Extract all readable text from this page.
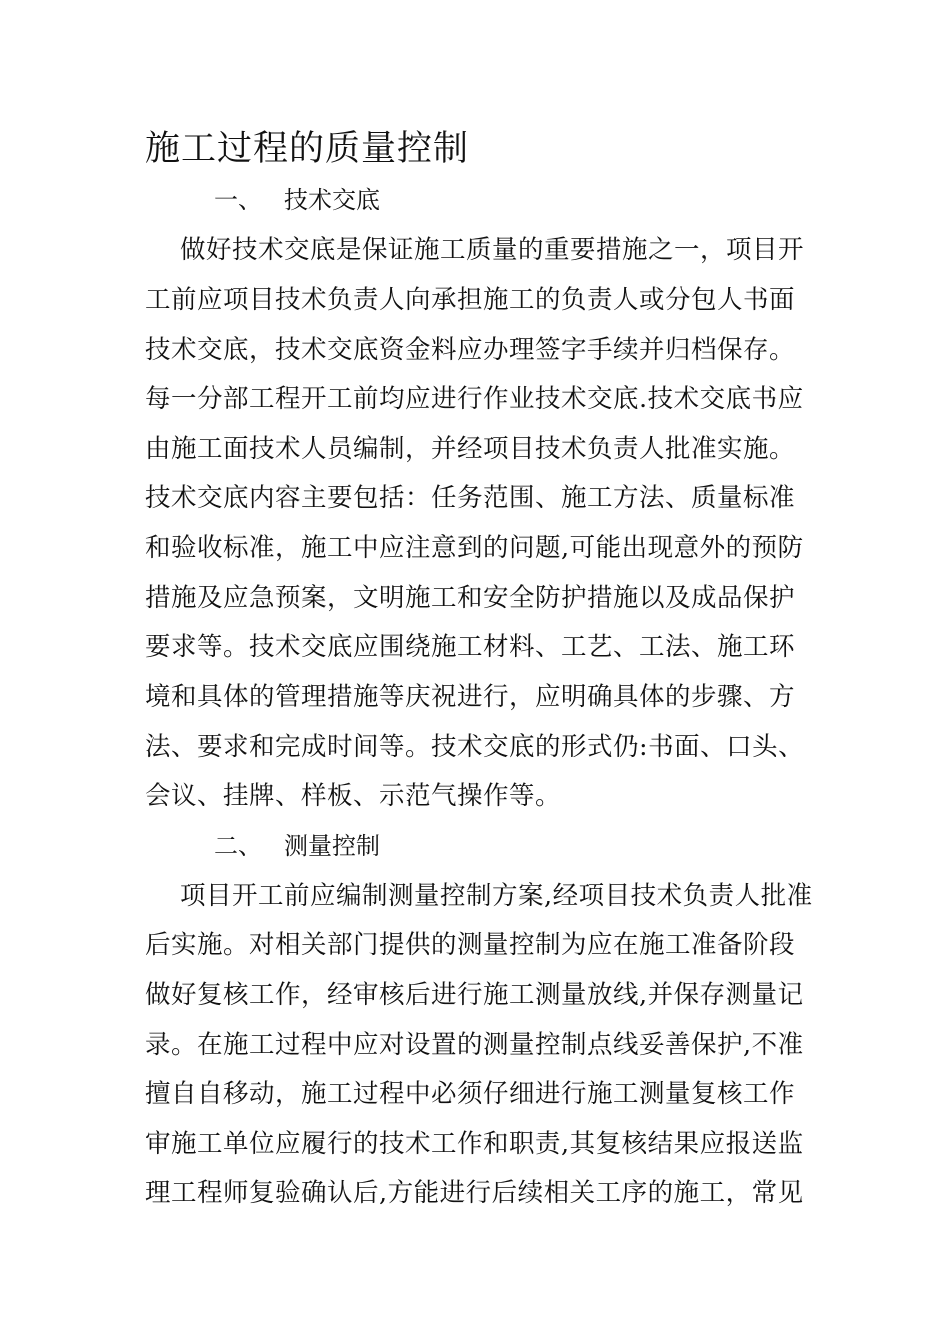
施工过程的质量控制
一、 技术交底
做好技术交底是保证施工质量的重要措施之一，项目开
工前应项目技术负责人向承担施工的负责人或分包人书面
技术交底，技术交底资金料应办理签字手续并归档保存。
每一分部工程开工前均应进行作业技术交底.技术交底书应
由施工面技术人员编制，并经项目技术负责人批准实施。
技术交底内容主要包括：任务范围、施工方法、质量标准
和验收标准，施工中应注意到的问题,可能出现意外的预防
措施及应急预案，文明施工和安全防护措施以及成品保护
要求等。技术交底应围绕施工材料、工艺、工法、施工环
境和具体的管理措施等庆祝进行，应明确具体的步骤、方
法、要求和完成时间等。技术交底的形式仍:书面、口头、
会议、挂牌、样板、示范气操作等。
二、 测量控制
项目开工前应编制测量控制方案,经项目技术负责人批准
后实施。对相关部门提供的测量控制为应在施工准备阶段
做好复核工作，经审核后进行施工测量放线,并保存测量记
录。在施工过程中应对设置的测量控制点线妥善保护,不准
擅自自移动，施工过程中必须仔细进行施工测量复核工作
审施工单位应履行的技术工作和职责,其复核结果应报送监
理工程师复验确认后,方能进行后续相关工序的施工，常见
